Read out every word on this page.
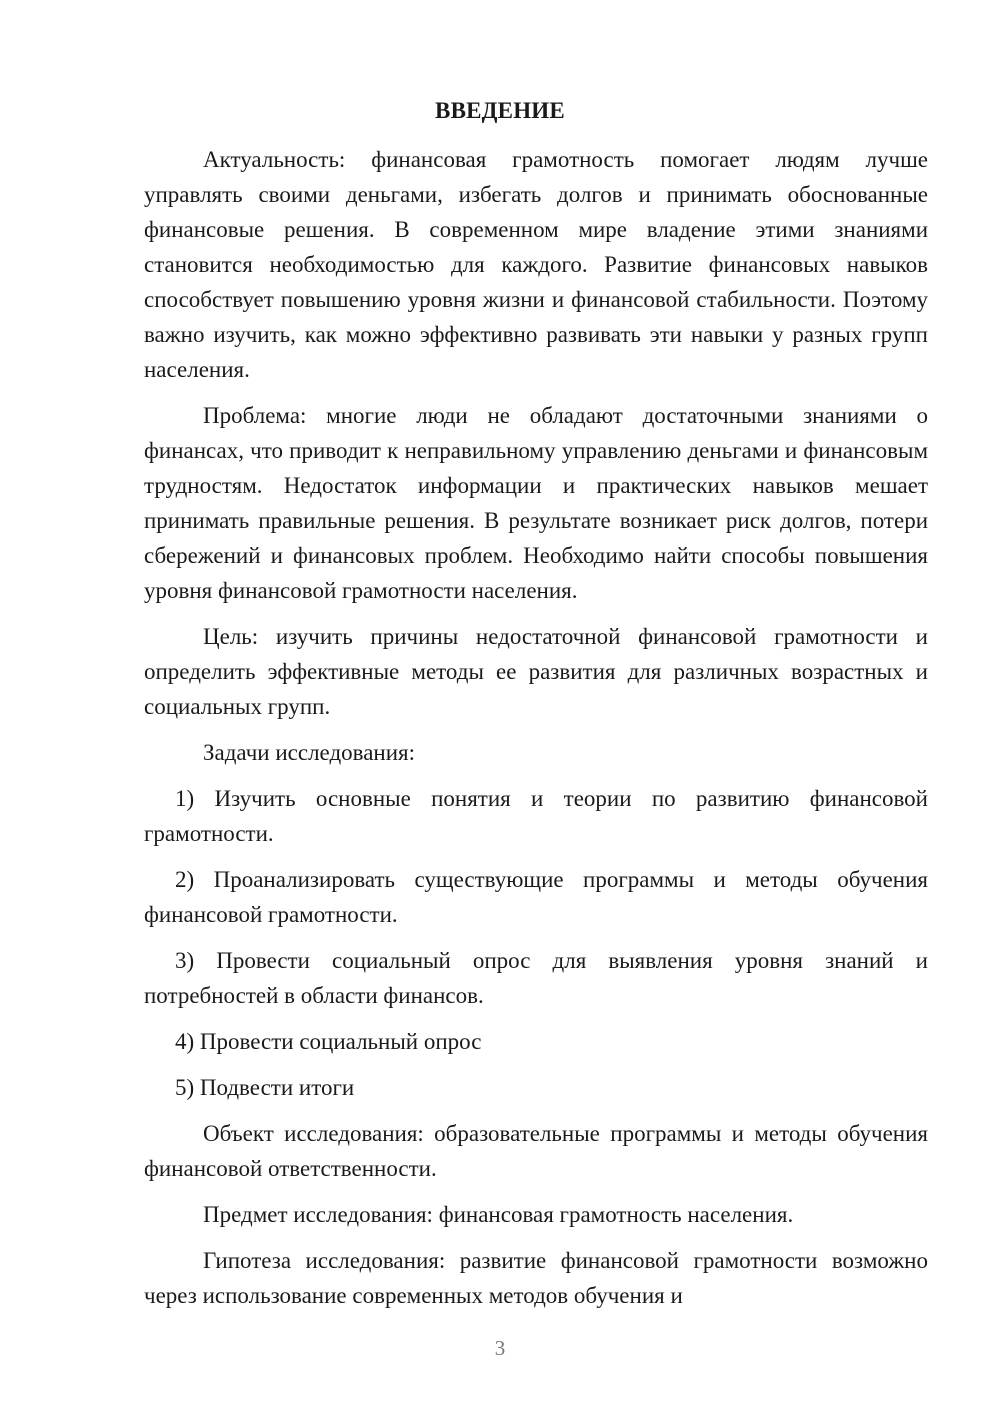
ВВЕДЕНИЕ

Актуальность: финансовая грамотность помогает людям лучше управлять своими деньгами, избегать долгов и принимать обоснованные финансовые решения. В современном мире владение этими знаниями становится необходимостью для каждого. Развитие финансовых навыков способствует повышению уровня жизни и финансовой стабильности. Поэтому важно изучить, как можно эффективно развивать эти навыки у разных групп населения.

Проблема: многие люди не обладают достаточными знаниями о финансах, что приводит к неправильному управлению деньгами и финансовым трудностям. Недостаток информации и практических навыков мешает принимать правильные решения. В результате возникает риск долгов, потери сбережений и финансовых проблем. Необходимо найти способы повышения уровня финансовой грамотности населения.

Цель: изучить причины недостаточной финансовой грамотности и определить эффективные методы ее развития для различных возрастных и социальных групп.

Задачи исследования:

1) Изучить основные понятия и теории по развитию финансовой грамотности.

2) Проанализировать существующие программы и методы обучения финансовой грамотности.

3) Провести социальный опрос для выявления уровня знаний и потребностей в области финансов.

4) Провести социальный опрос

5) Подвести итоги

Объект исследования: образовательные программы и методы обучения финансовой ответственности.

Предмет исследования: финансовая грамотность населения.

Гипотеза исследования: развитие финансовой грамотности возможно через использование современных методов обучения и

3
